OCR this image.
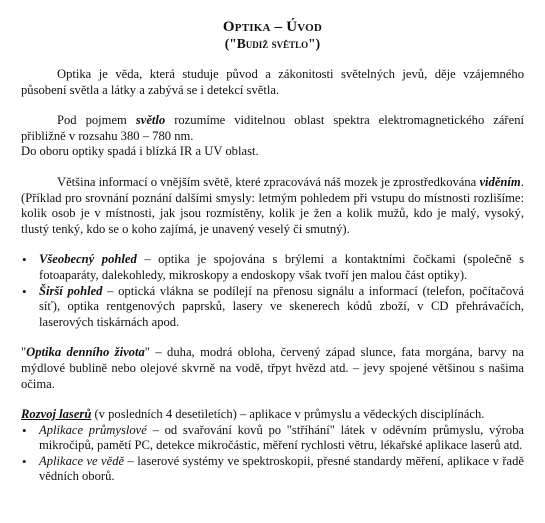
Optika – Úvod
("Budiž světlo")

Optika je věda, která studuje původ a zákonitosti světelných jevů, děje vzájemného působení světla a látky a zabývá se i detekcí světla.

Pod pojmem světlo rozumíme viditelnou oblast spektra elektromagnetického záření přibližně v rozsahu 380 – 780 nm.

Do oboru optiky spadá i blízká IR a UV oblast.

Většina informací o vnějším světě, které zpracovává náš mozek je zprostředkována viděním.

(Příklad pro srovnání poznání dalšími smysly: letmým pohledem při vstupu do místnosti rozlišíme: kolik osob je v místnosti, jak jsou rozmístěny, kolik je žen a kolik mužů, kdo je malý, vysoký, tlustý tenký, kdo se o koho zajímá, je unavený veselý či smutný).

• Všeobecný pohled – optika je spojována s brýlemi a kontaktními čočkami (společně s fotoaparáty, dalekohledy, mikroskopy a endoskopy však tvoří jen malou část optiky).
• Širší pohled – optická vlákna se podílejí na přenosu signálu a informací (telefon, počítačová síť), optika rentgenových paprsků, lasery ve skenerech kódů zboží, v CD přehrávačích, laserových tiskárnách apod.

"Optika denního života" – duha, modrá obloha, červený západ slunce, fata morgána, barvy na mýdlové bublině nebo olejové skvrně na vodě, třpyt hvězd atd. – jevy spojené většinou s našima očima.

Rozvoj laserů (v posledních 4 desetiletích) – aplikace v průmyslu a vědeckých disciplínách.

• Aplikace průmyslové – od svařování kovů po "stříhání" látek v oděvním průmyslu, výroba mikročipů, pamětí PC, detekce mikročástic, měření rychlosti větru, lékařské aplikace laserů atd.
• Aplikace ve vědě – laserové systémy ve spektroskopii, přesné standardy měření, aplikace v řadě vědních oborů.
